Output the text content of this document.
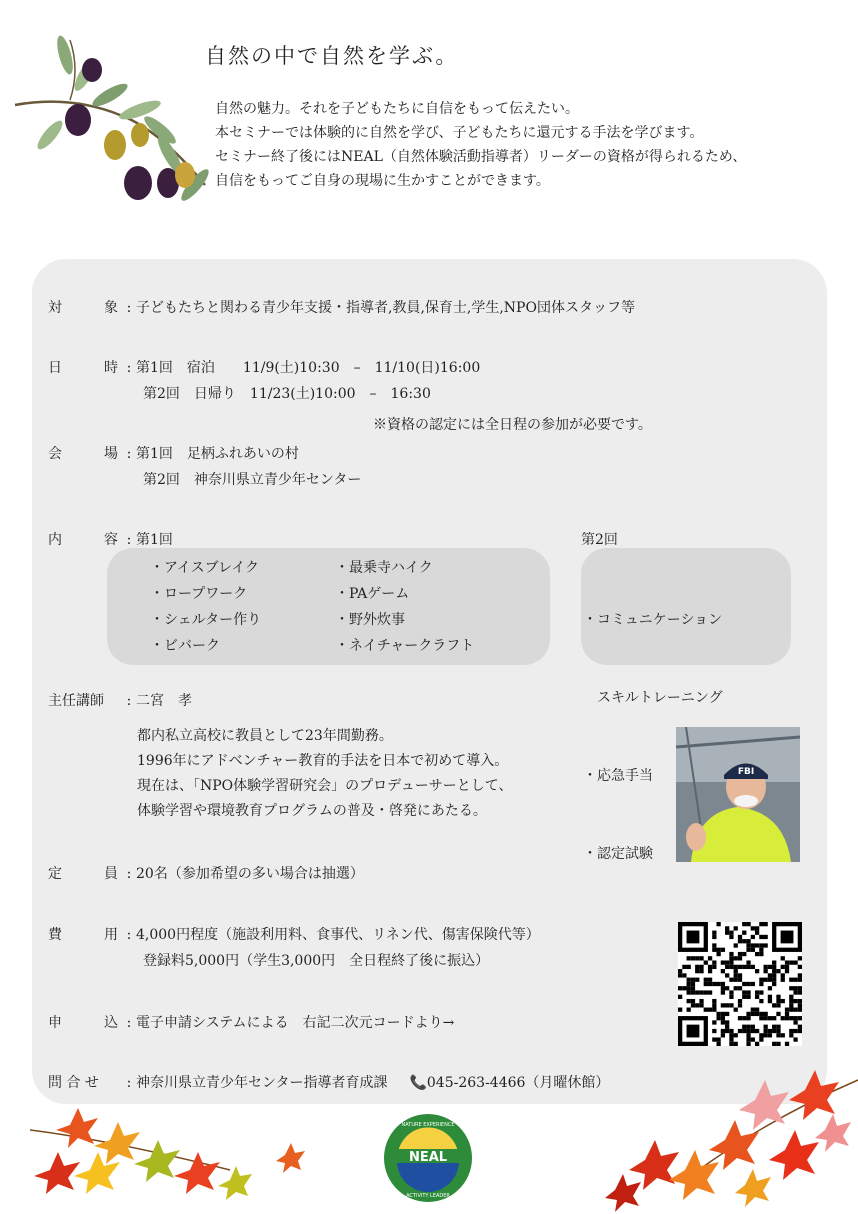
自然の中で自然を学ぶ。
自然の魅力。それを子どもたちに自信をもって伝えたい。
本セミナーでは体験的に自然を学び、子どもたちに還元する手法を学びます。
セミナー終了後にはNEAL（自然体験活動指導者）リーダーの資格が得られるため、
自信をもってご自身の現場に生かすことができます。
対	象 : 子どもたちと関わる青少年支援・指導者,教員,保育士,学生,NPO団体スタッフ等
日	時 : 第1回　宿泊　　11/9(土)10:30　–　11/10(日)16:00
第2回　日帰り　11/23(土)10:00　–　16:30
※資格の認定には全日程の参加が必要です。
会	場 : 第1回　足柄ふれあいの村
第2回　神奈川県立青少年センター
内	容 : 第1回	第2回
・アイスブレイク
・ロープワーク
・シェルター作り
・ビバーク
・最乗寺ハイク
・PAゲーム
・野外炊事
・ネイチャークラフト

・コミュニケーション

　スキルトレーニング

・応急手当

・認定試験

主任講師 : 二宮　孝
都内私立高校に教員として23年間勤務。
1996年にアドベンチャー教育的手法を日本で初めて導入。
現在は、「NPO体験学習研究会」のプロデューサーとして、
体験学習や環境教育プログラムの普及・啓発にあたる。
FBI
定	員 : 20名（参加希望の多い場合は抽選）
費	用 : 4,000円程度（施設利用料、食事代、リネン代、傷害保険代等）
登録料5,000円（学生3,000円　全日程終了後に振込）
申	込 : 電子申請システムによる　右記二次元コードより→
問 合 せ : 神奈川県立青少年センター指導者育成課 📞045-263-4466（月曜休館）
NEAL
NATURE EXPERIENCE
ACTIVITY LEADER
